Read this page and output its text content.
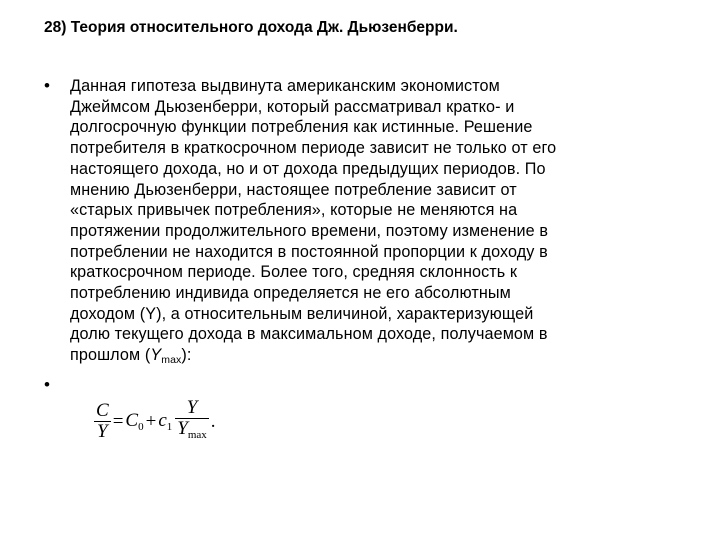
28) Теория относительного дохода Дж. Дьюзенберри.
• Данная гипотеза выдвинута американским экономистом
Джеймсом Дьюзенберри, который рассматривал кратко- и
долгосрочную функции потребления как истинные. Решение
потребителя в краткосрочном периоде зависит не только от его
настоящего дохода, но и от дохода предыдущих периодов. По
мнению Дьюзенберри, настоящее потребление зависит от
«старых привычек потребления», которые не меняются на
протяжении продолжительного времени, поэтому изменение в
потреблении не находится в постоянной пропорции к доходу в
краткосрочном периоде. Более того, средняя склонность к
потреблению индивида определяется не его абсолютным
доходом (Y), а относительным величиной, характеризующей
долю текущего дохода в максимальном доходе, получаемом в
прошлом $(Y_{max})$:
•
$\frac{C}{Y} = C_0 + c_1 \frac{Y}{Y_{max}}$ .
